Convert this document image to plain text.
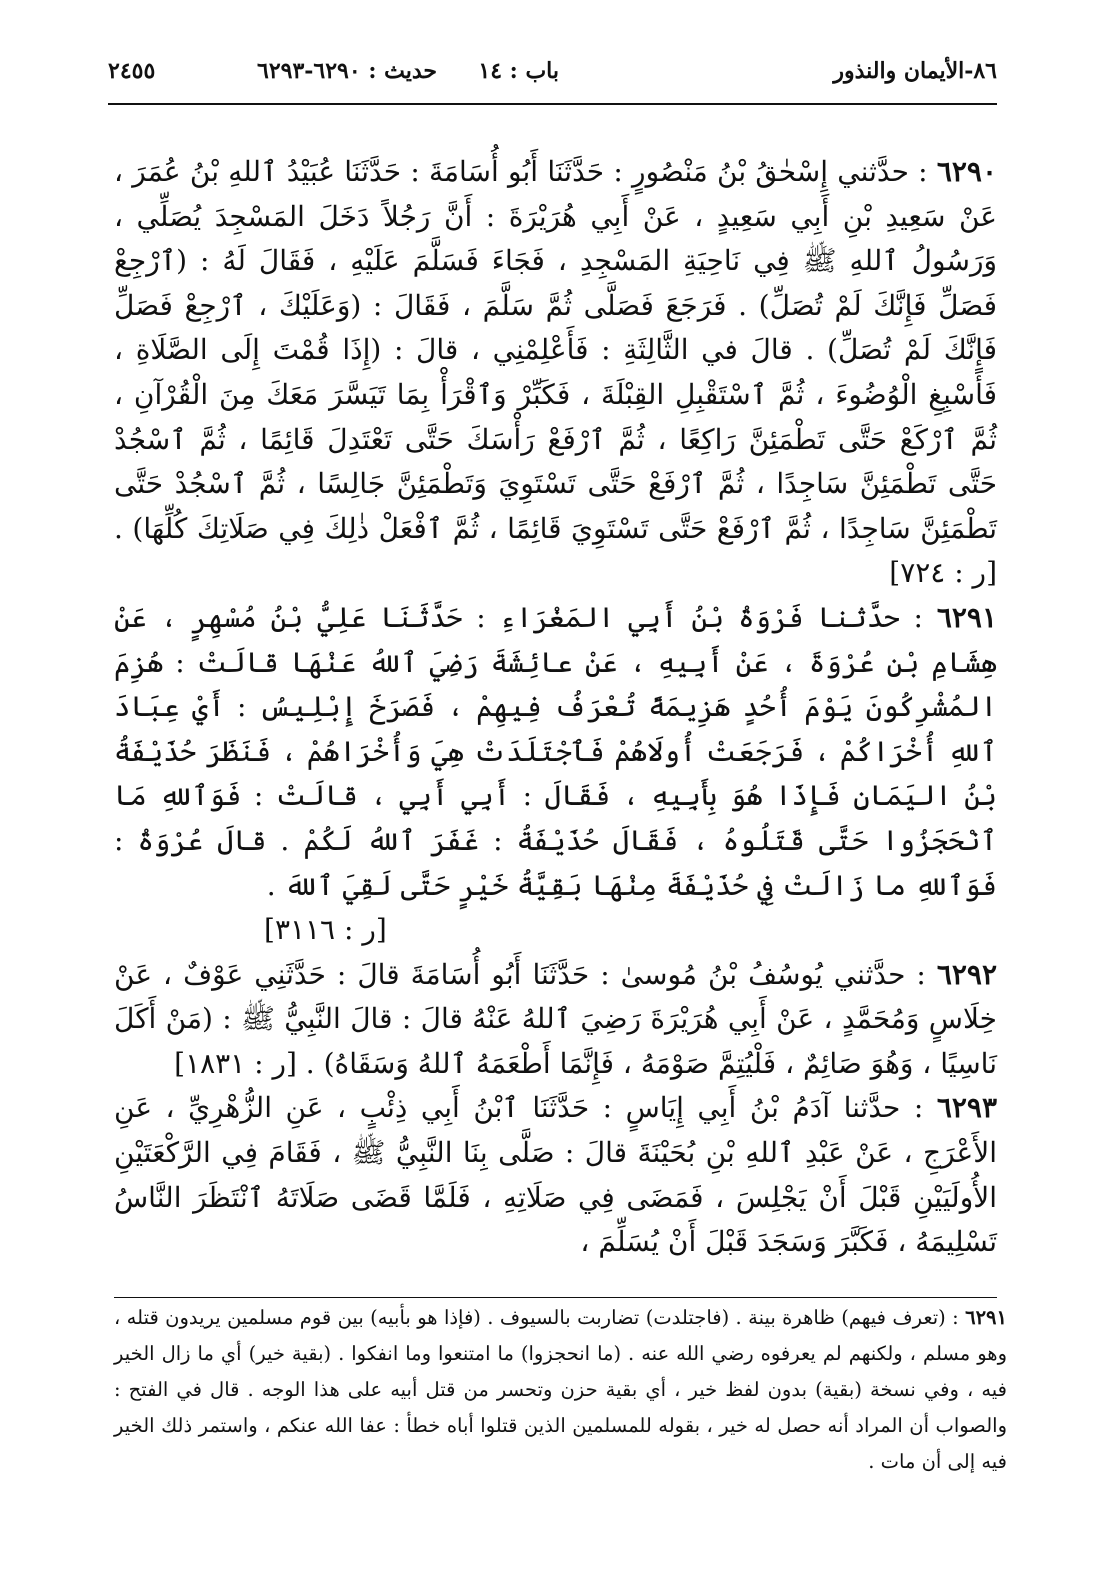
٨٦-الأيمان والنذور
باب : ١٤
حديث : ٦٢٩٠-٦٢٩٣
٢٤٥٥

٦٢٩٠ : حدَّثني إِسْحٰقُ بْنُ مَنْصُورٍ : حَدَّثَنَا أَبُو أُسَامَةَ : حَدَّثَنَا عُبَيْدُ ٱللهِ بْنُ عُمَرَ ، عَنْ سَعِيدِ بْنِ أَبِي سَعِيدٍ ، عَنْ أَبِي هُرَيْرَةَ : أَنَّ رَجُلاً دَخَلَ المَسْجِدَ يُصَلِّي ، وَرَسُولُ ٱللهِ ﷺ فِي نَاحِيَةِ المَسْجِدِ ، فَجَاءَ فَسَلَّمَ عَلَيْهِ ، فَقَالَ لَهُ : (ٱرْجِعْ فَصَلِّ فَإِنَّكَ لَمْ تُصَلِّ) . فَرَجَعَ فَصَلَّى ثُمَّ سَلَّمَ ، فَقَالَ : (وَعَلَيْكَ ، ٱرْجِعْ فَصَلِّ فَإِنَّكَ لَمْ تُصَلِّ) . قالَ في الثَّالِثَةِ : فَأَعْلِمْنِي ، قالَ : (إِذَا قُمْتَ إِلَى الصَّلَاةِ ، فَأَسْبِغِ الْوُضُوءَ ، ثُمَّ ٱسْتَقْبِلِ القِبْلَةَ ، فَكَبِّرْ وَٱقْرَأْ بِمَا تَيَسَّرَ مَعَكَ مِنَ الْقُرْآنِ ، ثُمَّ ٱرْكَعْ حَتَّى تَطْمَئِنَّ رَاكِعًا ، ثُمَّ ٱرْفَعْ رَأْسَكَ حَتَّى تَعْتَدِلَ قَائِمًا ، ثُمَّ ٱسْجُدْ حَتَّى تَطْمَئِنَّ سَاجِدًا ، ثُمَّ ٱرْفَعْ حَتَّى تَسْتَوِيَ وَتَطْمَئِنَّ جَالِسًا ، ثُمَّ ٱسْجُدْ حَتَّى تَطْمَئِنَّ سَاجِدًا ، ثُمَّ ٱرْفَعْ حَتَّى تَسْتَوِيَ قَائِمًا ، ثُمَّ ٱفْعَلْ ذٰلِكَ فِي صَلَاتِكَ كُلِّهَا) . [ر : ٧٢٤]

٦٢٩١ : حدَّثنا فَرْوَةُ بْنُ أَبِي المَغْرَاءِ : حَدَّثَنَا عَلِيُّ بْنُ مُسْهِرٍ ، عَنْ هِشَامِ بْنِ عُرْوَةَ ، عَنْ أَبِيهِ ، عَنْ عائِشَةَ رَضِيَ ٱللهُ عَنْهَا قالَتْ : هُزِمَ المُشْرِكُونَ يَوْمَ أُحُدٍ هَزِيمَةً تُعْرَفُ فِيهِمْ ، فَصَرَخَ إِبْلِيسُ : أَيْ عِبَادَ ٱللهِ أُخْرَاكُمْ ، فَرَجَعَتْ أُولَاهُمْ فَٱجْتَلَدَتْ هِيَ وَأُخْرَاهُمْ ، فَنَظَرَ حُذَيْفَةُ بْنُ اليَمَانِ فَإِذَا هُوَ بِأَبِيهِ ، فَقَالَ : أَبِي أَبِي ، قالَتْ : فَوَٱللهِ مَا ٱنْحَجَزُوا حَتَّى قَتَلُوهُ ، فَقَالَ حُذَيْفَةُ : غَفَرَ ٱللهُ لَكُمْ . قالَ عُرْوَةُ : فَوَٱللهِ ما زَالَتْ فِي حُذَيْفَةَ مِنْهَا بَقِيَّةُ خَيْرٍ حَتَّى لَقِيَ ٱللهَ .

[ر : ٣١١٦]

٦٢٩٢ : حدَّثني يُوسُفُ بْنُ مُوسىٰ : حَدَّثَنَا أَبُو أُسَامَةَ قالَ : حَدَّثَنِي عَوْفٌ ، عَنْ خِلَاسٍ وَمُحَمَّدٍ ، عَنْ أَبِي هُرَيْرَةَ رَضِيَ ٱللهُ عَنْهُ قالَ : قالَ النَّبِيُّ ﷺ : (مَنْ أَكَلَ نَاسِيًا ، وَهُوَ صَائِمٌ ، فَلْيُتِمَّ صَوْمَهُ ، فَإِنَّمَا أَطْعَمَهُ ٱللهُ وَسَقَاهُ) . [ر : ١٨٣١]

٦٢٩٣ : حدَّثنا آدَمُ بْنُ أَبِي إِيَاسٍ : حَدَّثَنَا ٱبْنُ أَبِي ذِئْبٍ ، عَنِ الزُّهْرِيِّ ، عَنِ الأَعْرَجِ ، عَنْ عَبْدِ ٱللهِ بْنِ بُحَيْنَةَ قالَ : صَلَّى بِنَا النَّبِيُّ ﷺ ، فَقَامَ فِي الرَّكْعَتَيْنِ الأُولَيَيْنِ قَبْلَ أَنْ يَجْلِسَ ، فَمَضَى فِي صَلَاتِهِ ، فَلَمَّا قَضَى صَلَاتَهُ ٱنْتَظَرَ النَّاسُ تَسْلِيمَهُ ، فَكَبَّرَ وَسَجَدَ قَبْلَ أَنْ يُسَلِّمَ ،

٦٢٩١ : (تعرف فيهم) ظاهرة بينة . (فاجتلدت) تضاربت بالسيوف . (فإذا هو بأبيه) بين قوم مسلمين يريدون قتله ، وهو مسلم ، ولكنهم لم يعرفوه رضي الله عنه . (ما انحجزوا) ما امتنعوا وما انفكوا . (بقية خير) أي ما زال الخير فيه ، وفي نسخة (بقية) بدون لفظ خير ، أي بقية حزن وتحسر من قتل أبيه على هذا الوجه . قال في الفتح : والصواب أن المراد أنه حصل له خير ، بقوله للمسلمين الذين قتلوا أباه خطأ : عفا الله عنكم ، واستمر ذلك الخير فيه إلى أن مات .
